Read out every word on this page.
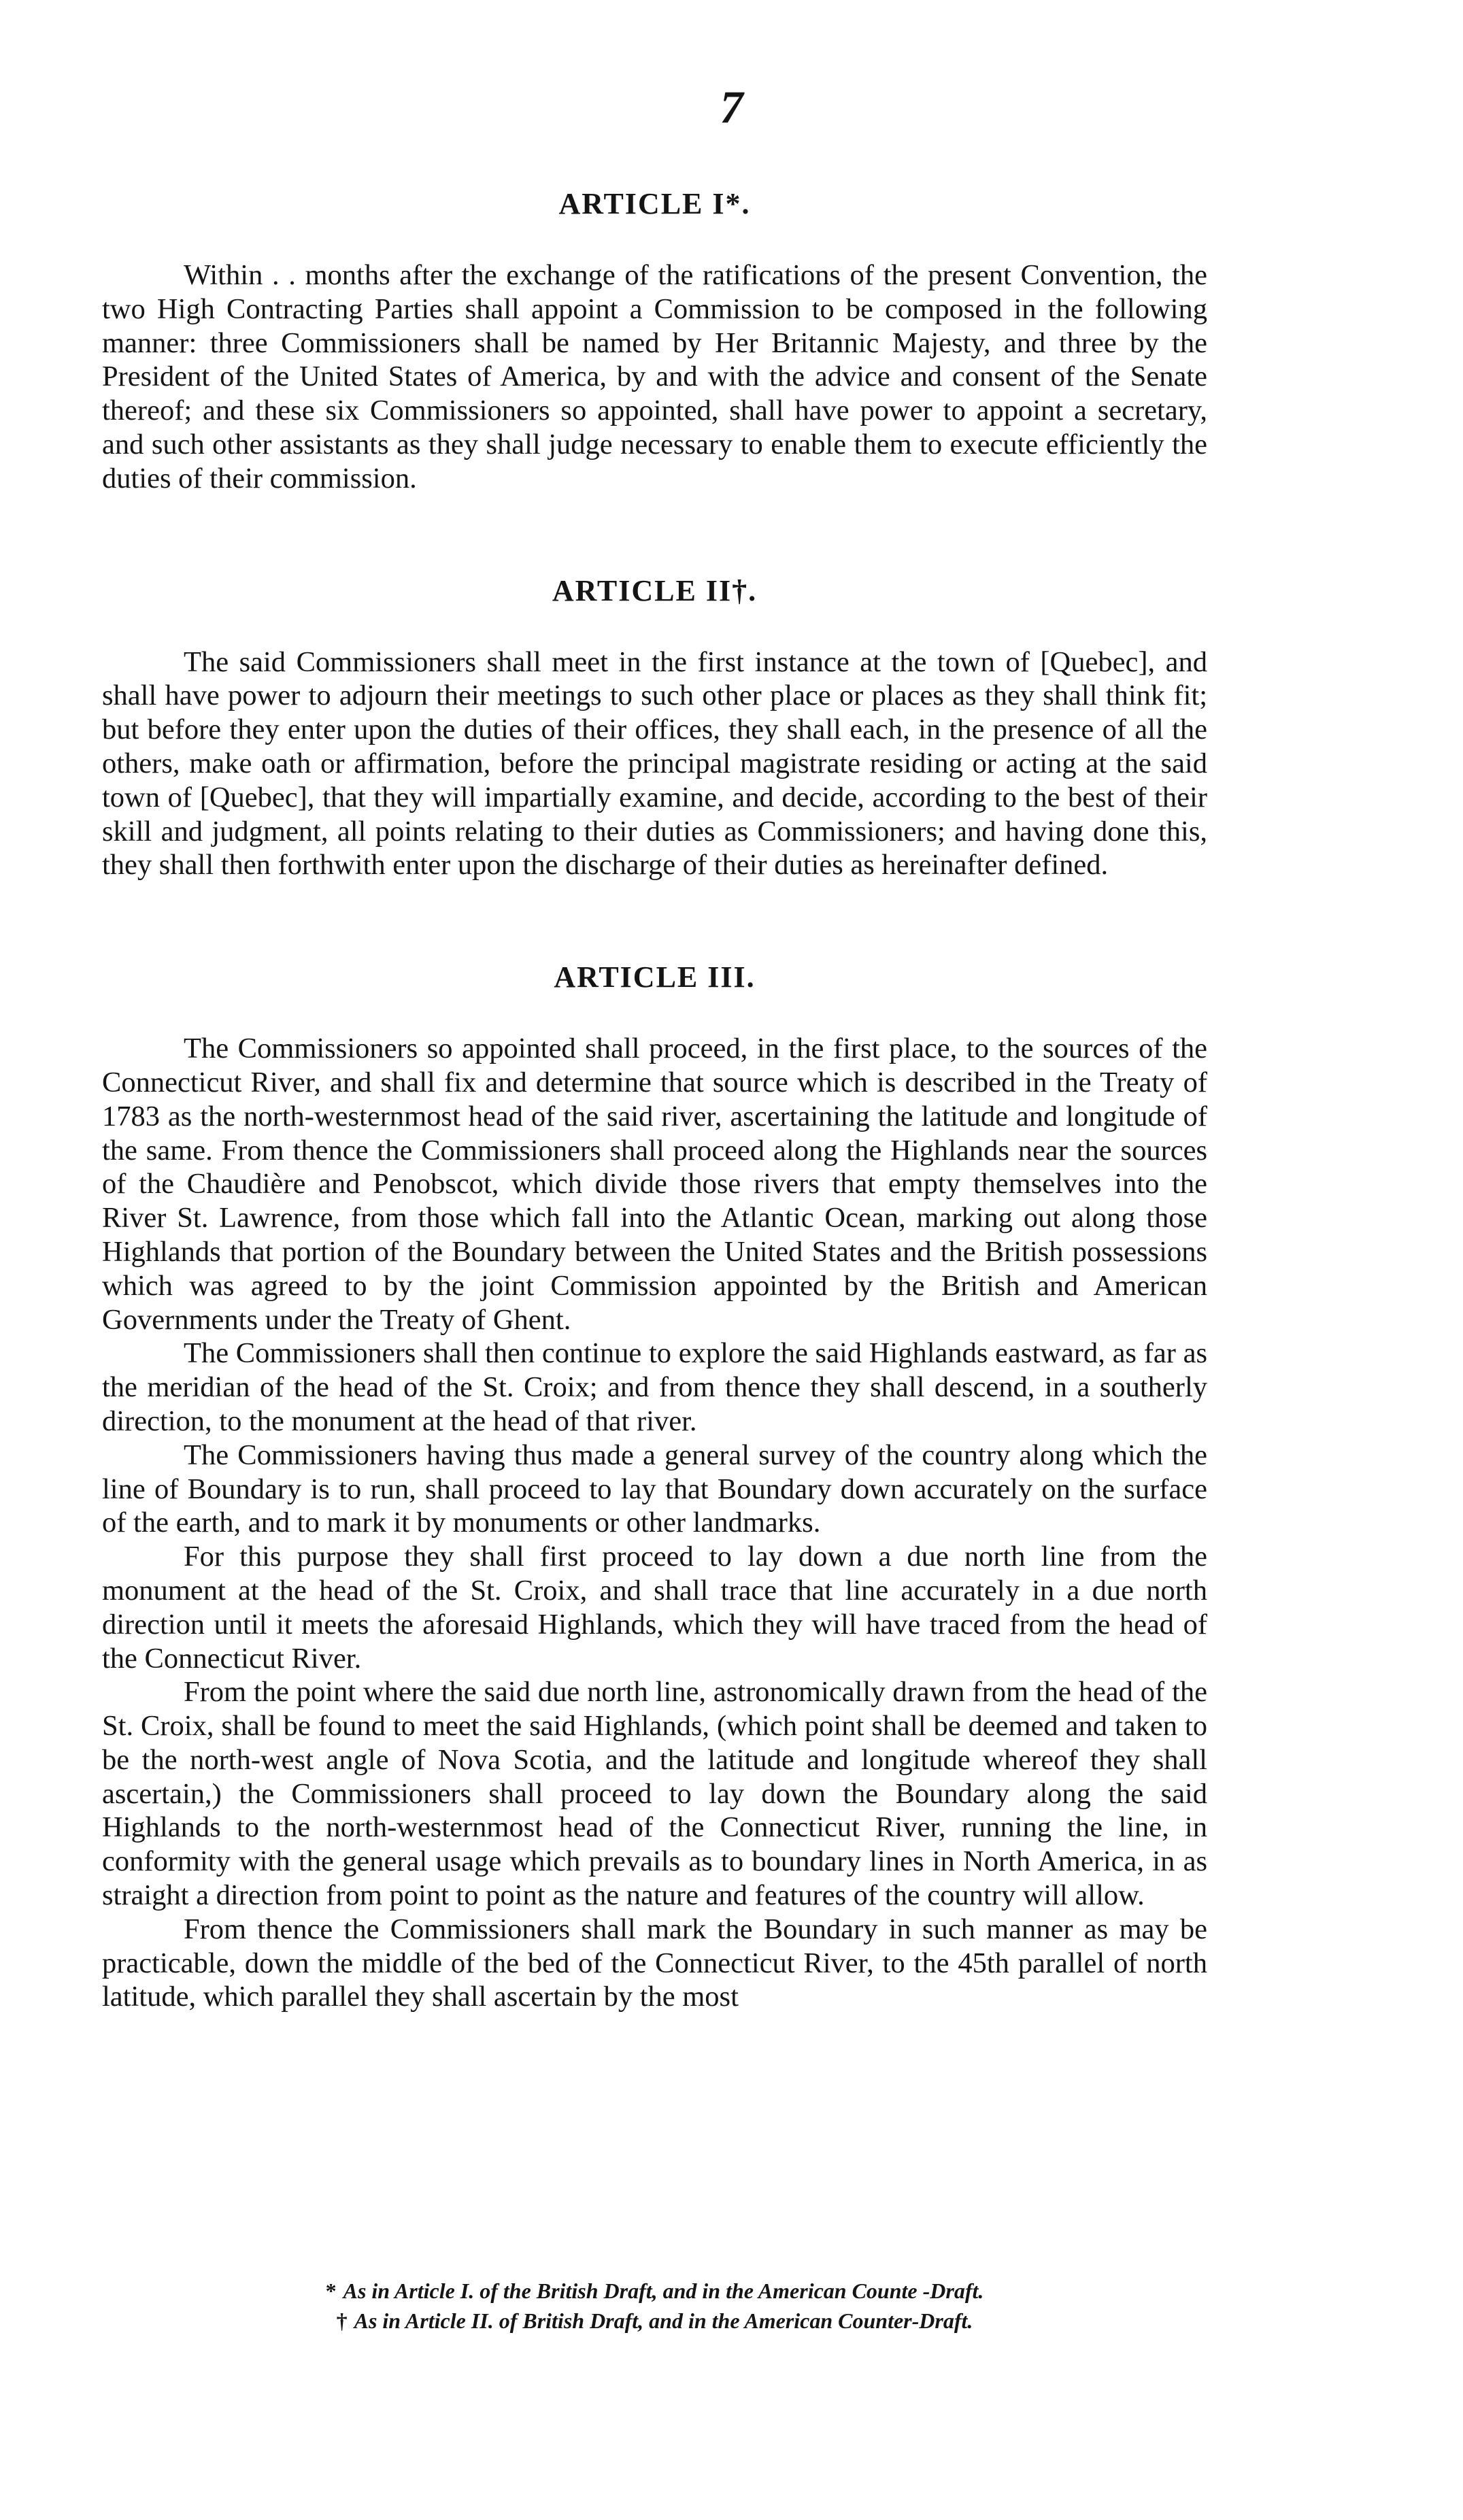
7
ARTICLE I*.

Within . . months after the exchange of the ratifications of the present Convention, the two High Contracting Parties shall appoint a Commission to be composed in the following manner: three Commissioners shall be named by Her Britannic Majesty, and three by the President of the United States of America, by and with the advice and consent of the Senate thereof; and these six Commissioners so appointed, shall have power to appoint a secretary, and such other assistants as they shall judge necessary to enable them to execute efficiently the duties of their commission.

ARTICLE II†.

The said Commissioners shall meet in the first instance at the town of [Quebec], and shall have power to adjourn their meetings to such other place or places as they shall think fit; but before they enter upon the duties of their offices, they shall each, in the presence of all the others, make oath or affirmation, before the principal magistrate residing or acting at the said town of [Quebec], that they will impartially examine, and decide, according to the best of their skill and judgment, all points relating to their duties as Commissioners; and having done this, they shall then forthwith enter upon the discharge of their duties as hereinafter defined.

ARTICLE III.

The Commissioners so appointed shall proceed, in the first place, to the sources of the Connecticut River, and shall fix and determine that source which is described in the Treaty of 1783 as the north-westernmost head of the said river, ascertaining the latitude and longitude of the same. From thence the Commissioners shall proceed along the Highlands near the sources of the Chaudière and Penobscot, which divide those rivers that empty themselves into the River St. Lawrence, from those which fall into the Atlantic Ocean, marking out along those Highlands that portion of the Boundary between the United States and the British possessions which was agreed to by the joint Commission appointed by the British and American Governments under the Treaty of Ghent.

The Commissioners shall then continue to explore the said Highlands eastward, as far as the meridian of the head of the St. Croix; and from thence they shall descend, in a southerly direction, to the monument at the head of that river.

The Commissioners having thus made a general survey of the country along which the line of Boundary is to run, shall proceed to lay that Boundary down accurately on the surface of the earth, and to mark it by monuments or other landmarks.

For this purpose they shall first proceed to lay down a due north line from the monument at the head of the St. Croix, and shall trace that line accurately in a due north direction until it meets the aforesaid Highlands, which they will have traced from the head of the Connecticut River.

From the point where the said due north line, astronomically drawn from the head of the St. Croix, shall be found to meet the said Highlands, (which point shall be deemed and taken to be the north-west angle of Nova Scotia, and the latitude and longitude whereof they shall ascertain,) the Commissioners shall proceed to lay down the Boundary along the said Highlands to the north-westernmost head of the Connecticut River, running the line, in conformity with the general usage which prevails as to boundary lines in North America, in as straight a direction from point to point as the nature and features of the country will allow.

From thence the Commissioners shall mark the Boundary in such manner as may be practicable, down the middle of the bed of the Connecticut River, to the 45th parallel of north latitude, which parallel they shall ascertain by the most

* As in Article I. of the British Draft, and in the American Counte -Draft.

† As in Article II. of British Draft, and in the American Counter-Draft.
